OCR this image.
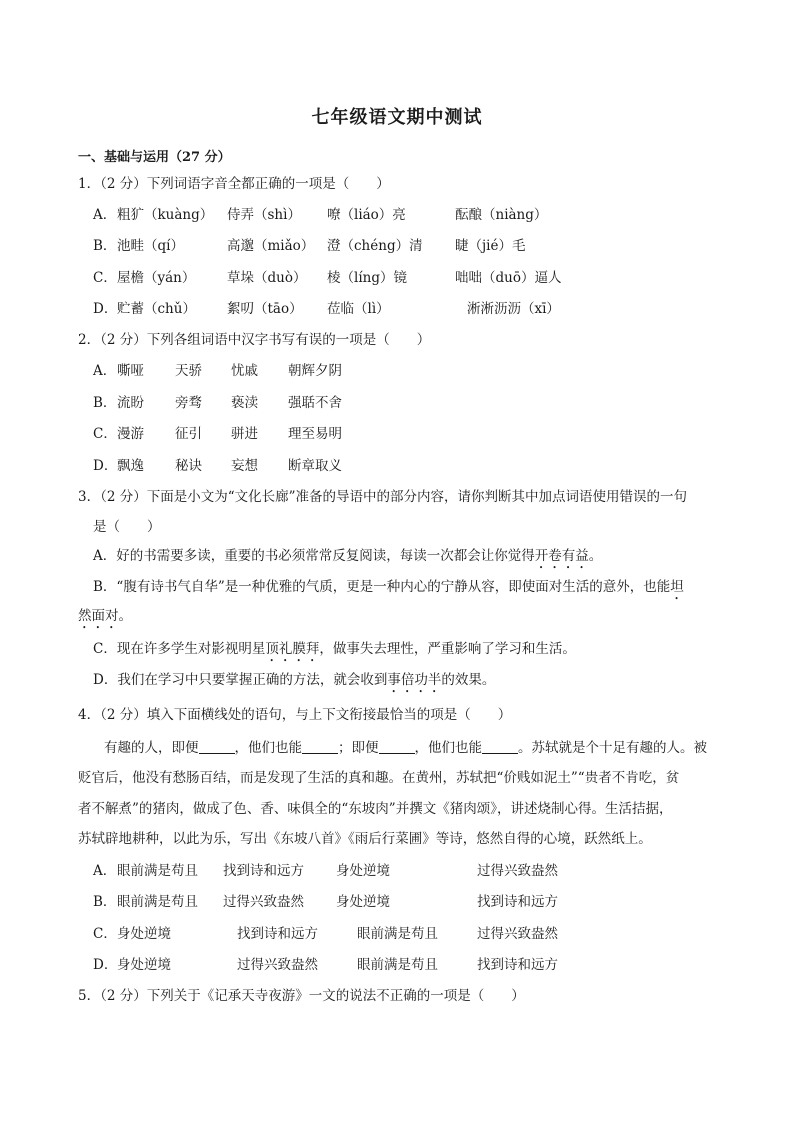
七年级语文期中测试
一、基础与运用（27 分）
1．（2 分）下列词语字音全都正确的一项是（　　）
A． 粗犷（kuàng） 侍弄（shì） 嘹（liáo）亮	酝酿（niàng）
B． 池畦（qí）	高邈（miǎo） 澄（chéng）清 睫（jié）毛
C． 屋檐（yán） 草垛（duò） 棱（líng）镜	咄咄（duō）逼人
D． 贮蓄（chǔ） 絮叨（tāo） 莅临（lì）	淅淅沥沥（xī）
2．（2 分）下列各组词语中汉字书写有误的一项是（　　）
A． 嘶哑 天骄 忧戚 朝辉夕阴
B． 流盼 旁骛 亵渎 强聒不舍
C． 漫游 征引 骈进 理至易明
D． 飘逸 秘诀 妄想 断章取义
3．（2 分）下面是小文为“文化长廊”准备的导语中的部分内容，请你判断其中加点词语使用错误的一句
是（　　）
A．好的书需要多读，重要的书必须常常反复阅读，每读一次都会让你觉得开卷有益。
B．“腹有诗书气自华”是一种优雅的气质，更是一种内心的宁静从容，即使面对生活的意外，也能坦
然面对。
C．现在许多学生对影视明星顶礼膜拜，做事失去理性，严重影响了学习和生活。
D．我们在学习中只要掌握正确的方法，就会收到事倍功半的效果。
4．（2 分）填入下面横线处的语句，与上下文衔接最恰当的项是（　　）
有趣的人，即便	，他们也能	；即便	，他们也能	。苏轼就是个十足有趣的人。被
贬官后，他没有愁肠百结，而是发现了生活的真和趣。在黄州，苏轼把“价贱如泥土”“贵者不肯吃，贫
者不解煮”的猪肉，做成了色、香、味俱全的“东坡肉”并撰文《猪肉颂》，讲述烧制心得。生活拮据，
苏轼辟地耕种，以此为乐，写出《东坡八首》《雨后行菜圃》等诗，悠然自得的心境，跃然纸上。
A． 眼前满是苟且 找到诗和远方 身处逆境	过得兴致盎然
B． 眼前满是苟且 过得兴致盎然 身处逆境	找到诗和远方
C． 身处逆境	找到诗和远方	眼前满是苟且	过得兴致盎然
D． 身处逆境	过得兴致盎然	眼前满是苟且	找到诗和远方
5．（2 分）下列关于《记承天寺夜游》一文的说法不正确的一项是（　　）
